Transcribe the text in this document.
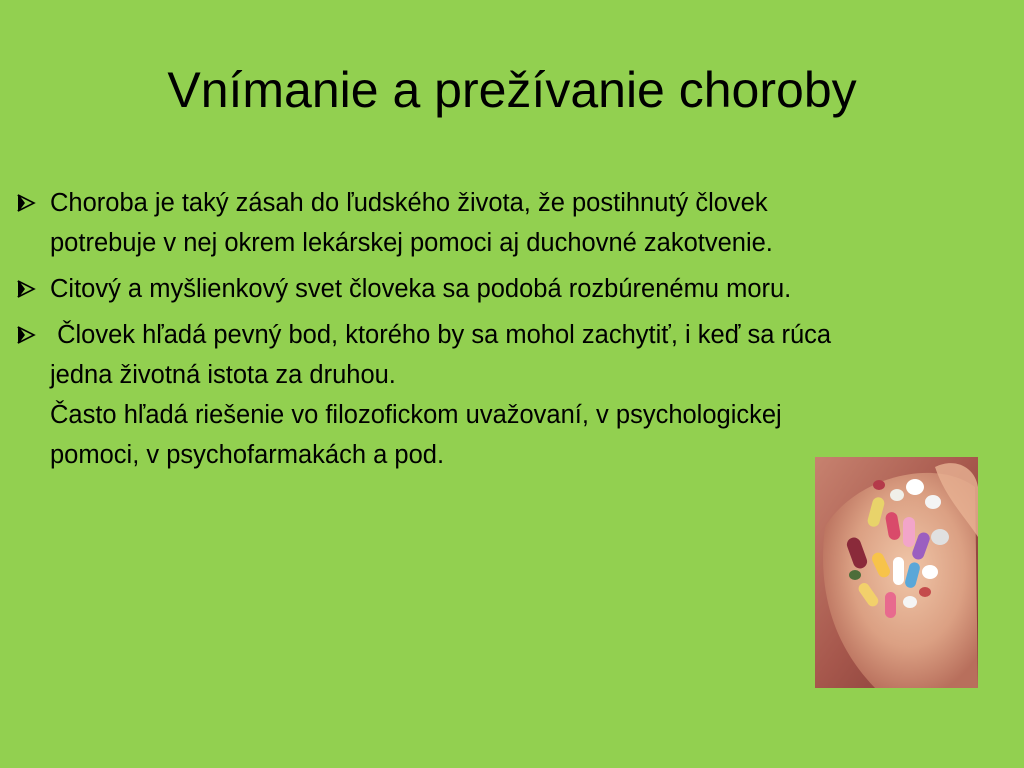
Vnímanie a prežívanie choroby
Choroba je taký zásah do ľudského života, že postihnutý človek
potrebuje v nej okrem lekárskej pomoci aj duchovné zakotvenie.
Citový a myšlienkový svet človeka sa podobá rozbúrenému moru.
Človek hľadá pevný bod, ktorého by sa mohol zachytiť, i keď sa rúca
jedna životná istota za druhou.
Často hľadá riešenie vo filozofickom uvažovaní, v psychologickej
pomoci, v psychofarmakách a pod.
